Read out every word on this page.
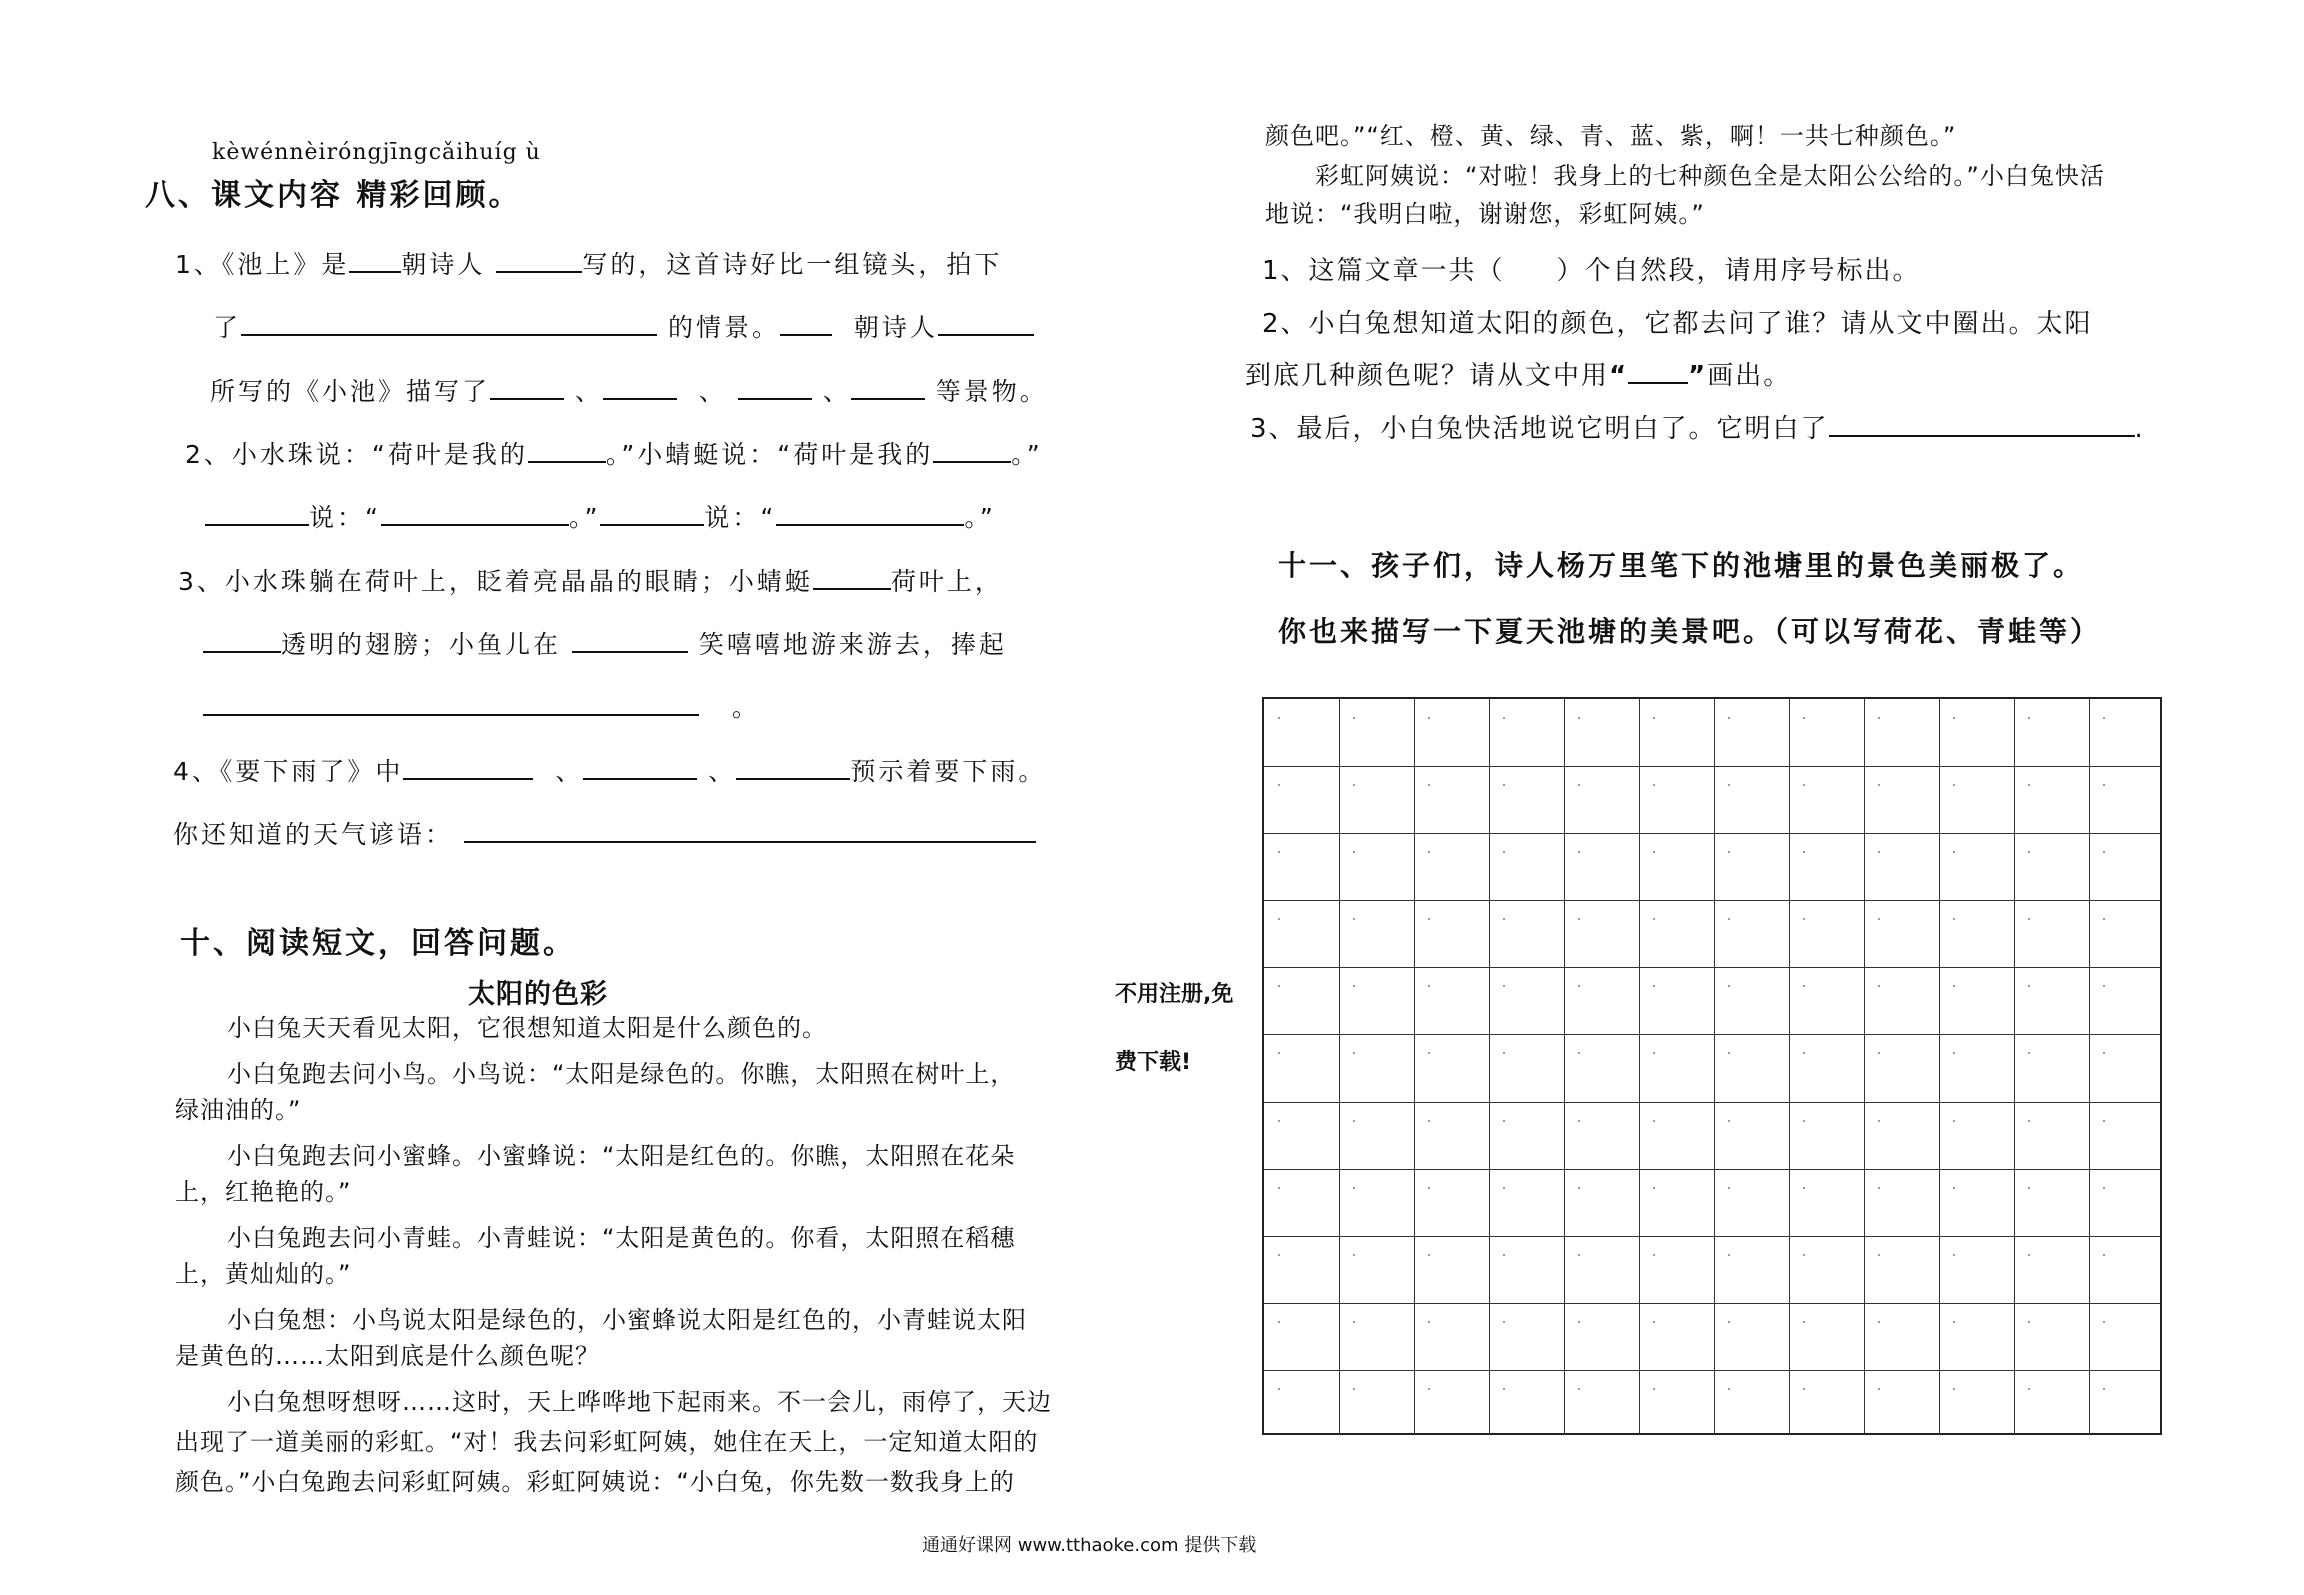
kèwénnèiróngjīngcǎihuíg ù
八、课文内容 精彩回顾。
1、《池上》是 朝诗人	写的，这首诗好比一组镜头，拍下
了	的情景。	朝诗人
所写的《小池》描写了	、	、	、	等景物。
2、小水珠说：“荷叶是我的	。”小蜻蜓说：“荷叶是我的	。”
说：“	。”	说：“	。”
3、小水珠躺在荷叶上，眨着亮晶晶的眼睛；小蜻蜓	荷叶上，
透明的翅膀；小鱼儿在	笑嘻嘻地游来游去，捧起
。
4、《要下雨了》中	、	、	预示着要下雨。
你还知道的天气谚语：
十、阅读短文，回答问题。
太阳的色彩
小白兔天天看见太阳，它很想知道太阳是什么颜色的。
小白兔跑去问小鸟。小鸟说：“太阳是绿色的。你瞧，太阳照在树叶上，
绿油油的。”
小白兔跑去问小蜜蜂。小蜜蜂说：“太阳是红色的。你瞧，太阳照在花朵
上，红艳艳的。”
小白兔跑去问小青蛙。小青蛙说：“太阳是黄色的。你看，太阳照在稻穗
上，黄灿灿的。”
小白兔想：小鸟说太阳是绿色的，小蜜蜂说太阳是红色的，小青蛙说太阳
是黄色的……太阳到底是什么颜色呢？
小白兔想呀想呀……这时，天上哗哗地下起雨来。不一会儿，雨停了，天边
出现了一道美丽的彩虹。“对！我去问彩虹阿姨，她住在天上，一定知道太阳的
颜色。”小白兔跑去问彩虹阿姨。彩虹阿姨说：“小白兔，你先数一数我身上的
颜色吧。”“红、橙、黄、绿、青、蓝、紫，啊！一共七种颜色。”
彩虹阿姨说：“对啦！我身上的七种颜色全是太阳公公给的。”小白兔快活
地说：“我明白啦，谢谢您，彩虹阿姨。”
1、这篇文章一共（ ）个自然段，请用序号标出。
2、小白兔想知道太阳的颜色，它都去问了谁？请从文中圈出。太阳
到底几种颜色呢？请从文中用“ ”画出。
3、最后，小白兔快活地说它明白了。它明白了	.
十一、孩子们，诗人杨万里笔下的池塘里的景色美丽极了。
你也来描写一下夏天池塘的美景吧。（可以写荷花、青蛙等）
不用注册,免
费下载!
通通好课网 www.tthaoke.com 提供下载
